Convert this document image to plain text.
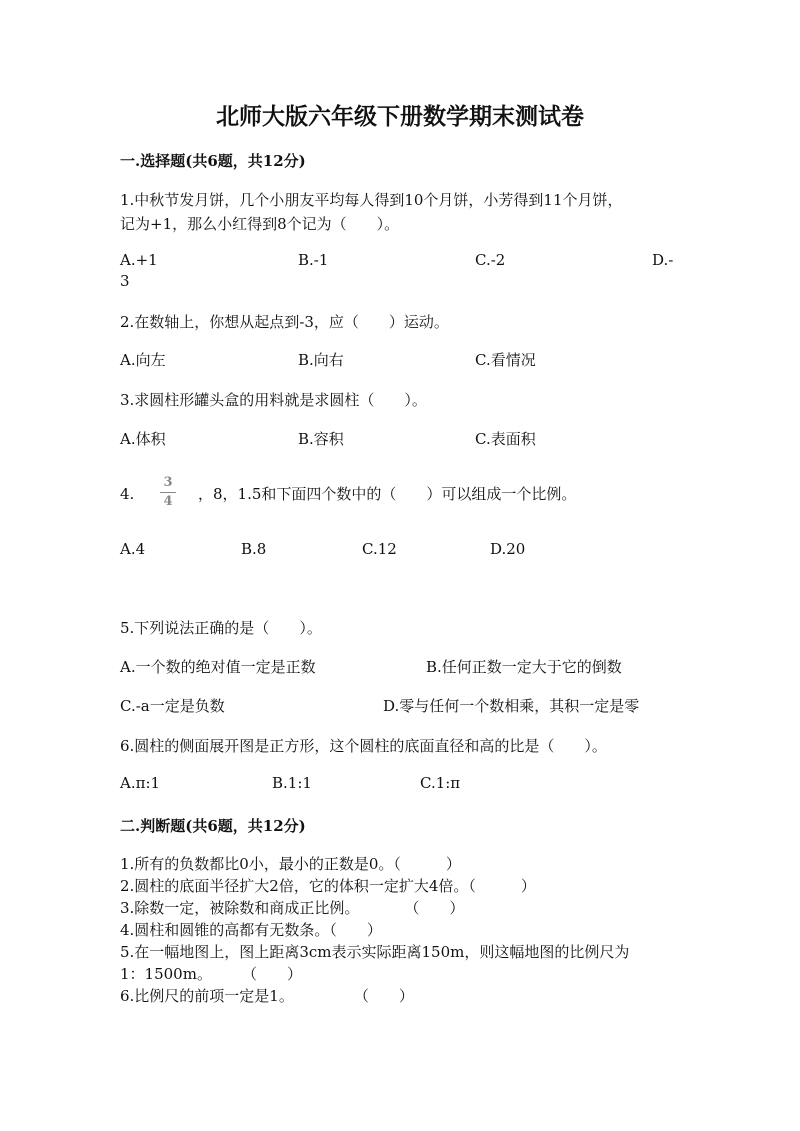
北师大版六年级下册数学期末测试卷
一.选择题(共6题，共12分)
1.中秋节发月饼，几个小朋友平均每人得到10个月饼，小芳得到11个月饼，
记为+1，那么小红得到8个记为（　　）。
A.+1	B.-1	C.-2	D.-
3
2.在数轴上，你想从起点到-3，应（　　）运动。
A.向左	B.向右	C.看情况
3.求圆柱形罐头盒的用料就是求圆柱（　　）。
A.体积	B.容积	C.表面积
4.
3
4 ，8，1.5和下面四个数中的（　　）可以组成一个比例。
A.4	B.8	C.12	D.20
5.下列说法正确的是（　　）。
A.一个数的绝对值一定是正数	B.任何正数一定大于它的倒数
C.-a一定是负数	D.零与任何一个数相乘，其积一定是零
6.圆柱的侧面展开图是正方形，这个圆柱的底面直径和高的比是（　　）。
A.π:1	B.1:1	C.1:π
二.判断题(共6题，共12分)
1.所有的负数都比0小，最小的正数是0。（　　　）
2.圆柱的底面半径扩大2倍，它的体积一定扩大4倍。（　　　）
3.除数一定，被除数和商成正比例。　　　　（　　）
4.圆柱和圆锥的高都有无数条。（　　）
5.在一幅地图上，图上距离3cm表示实际距离150m，则这幅地图的比例尺为
1：1500m。　　　（　　）
6.比例尺的前项一定是1。　　　　　（　　）
